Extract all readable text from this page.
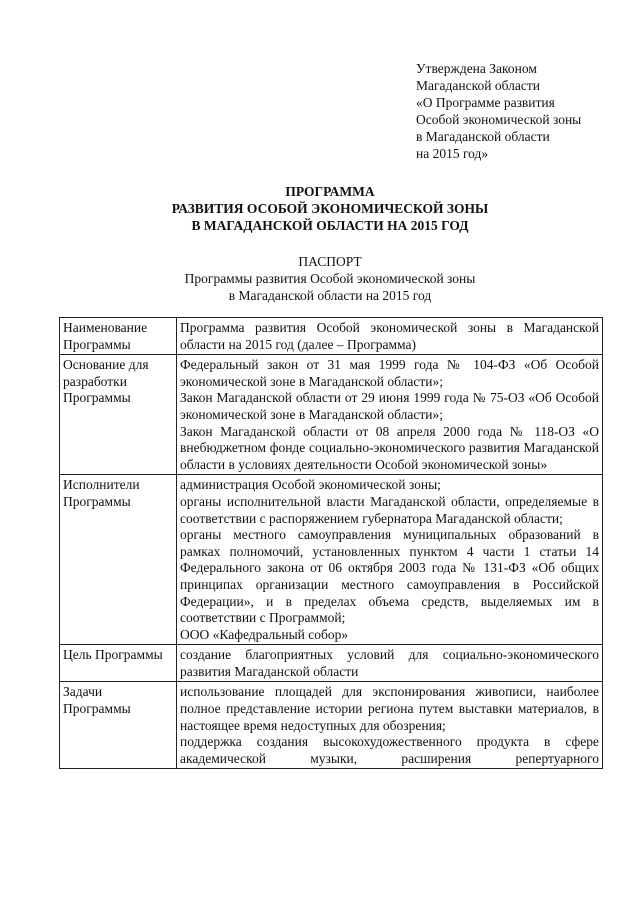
Утверждена Законом
Магаданской области
«О Программе развития
Особой экономической зоны
в Магаданской области
на 2015 год»
ПРОГРАММА
РАЗВИТИЯ ОСОБОЙ ЭКОНОМИЧЕСКОЙ ЗОНЫ
В МАГАДАНСКОЙ ОБЛАСТИ НА 2015 ГОД
ПАСПОРТ
Программы развития Особой экономической зоны
в Магаданской области на 2015 год
Наименование Программы	Программа развития Особой экономической зоны в Магаданской области на 2015 год (далее – Программа)

Основание для разработки Программы	Федеральный закон от 31 мая 1999 года № 104-ФЗ «Об Особой экономической зоне в Магаданской области»;
Закон Магаданской области от 29 июня 1999 года № 75-ОЗ «Об Особой экономической зоне в Магаданской области»;
Закон Магаданской области от 08 апреля 2000 года № 118-ОЗ «О внебюджетном фонде социально-экономического развития Магаданской области в условиях деятельности Особой экономической зоны»

Исполнители Программы	администрация Особой экономической зоны;
органы исполнительной власти Магаданской области, определяемые в соответствии с распоряжением губернатора Магаданской области;
органы местного самоуправления муниципальных образований в рамках полномочий, установленных пунктом 4 части 1 статьи 14 Федерального закона от 06 октября 2003 года № 131-ФЗ «Об общих принципах организации местного самоуправления в Российской Федерации», и в пределах объема средств, выделяемых им в соответствии с Программой;
ООО «Кафедральный собор»

Цель Программы	создание благоприятных условий для социально-экономического развития Магаданской области

Задачи Программы	использование площадей для экспонирования живописи, наиболее полное представление истории региона путем выставки материалов, в настоящее время недоступных для обозрения;
поддержка создания высокохудожественного продукта в сфере академической музыки, расширения репертуарного
